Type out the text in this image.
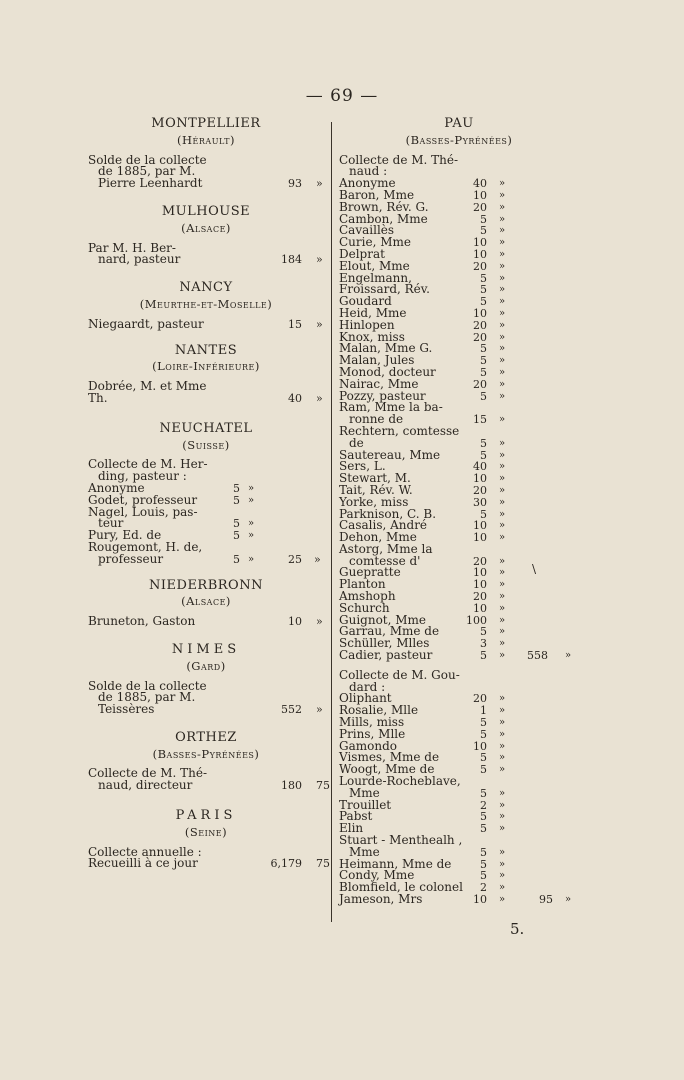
— 69 —
MONTPELLIER
(Hérault)
Solde de la collecte
de 1885, par M.
Pierre Leenhardt	93 »
MULHOUSE
(Alsace)
Par M. H. Ber-
nard, pasteur	184 »
NANCY
(Meurthe-et-Moselle)
Niegaardt, pasteur	15 »
NANTES
(Loire-Inférieure)
Dobrée, M. et Mme
Th.	40 »
NEUCHATEL
(Suisse)
Collecte de M. Her-
ding, pasteur :
Anonyme	5 »
Godet, professeur	5 »
Nagel, Louis, pas-
teur	5 »
Pury, Ed. de	5 »
Rougemont, H. de,
professeur	5 »	25 »
NIEDERBRONN
(Alsace)
Bruneton, Gaston	10 »
NIMES
(Gard)
Solde de la collecte
de 1885, par M.
Teissères	552 »
ORTHEZ
(Basses-Pyrénées)
Collecte de M. Thé-
naud, directeur	180 75
PARIS
(Seine)
Collecte annuelle :
Recueilli à ce jour	6,179 75
PAU
(Basses-Pyrénées)
Collecte de M. Thé-
naud :
Anonyme	40 »
Baron, Mme	10 »
Brown, Rév. G.	20 »
Cambon, Mme	5 »
Cavaillès	5 »
Curie, Mme	10 »
Delprat	10 »
Elout, Mme	20 »
Engelmann,	5 »
Froissard, Rév.	5 »
Goudard	5 »
Heid, Mme	10 »
Hinlopen	20 »
Knox, miss	20 »
Malan, Mme G.	5 »
Malan, Jules	5 »
Monod, docteur	5 »
Nairac, Mme	20 »
Pozzy, pasteur	5 »
Ram, Mme la ba-
ronne de	15 »
Rechtern, comtesse
de	5 »
Sautereau, Mme	5 »
Sers, L.	40 »
Stewart, M.	10 »
Tait, Rév. W.	20 »
Yorke, miss	30 »
Parknison, C. B.	5 »
Casalis, André	10 »
Dehon, Mme	10 »
Astorg, Mme la
comtesse d'	20 »
Guepratte	10 »
Planton	10 »
Amshoph	20 »
Schurch	10 »
Guignot, Mme	100 »
Garrau, Mme de	5 »
Schüller, Mlles	3 »
Cadier, pasteur	5 » 558 »
Collecte de M. Gou-
dard :
Oliphant	20 »
Rosalie, Mlle	1 »
Mills, miss	5 »
Prins, Mlle	5 »
Gamondo	10 »
Vismes, Mme de	5 »
Woogt, Mme de	5 »
Lourde-Rocheblave,
Mme	5 »
Trouillet	2 »
Pabst	5 »
Elin	5 »
Stuart - Menthealh ,
Mme	5 »
Heimann, Mme de	5 »
Condy, Mme	5 »
Blomfield, le colonel 2 »
Jameson, Mrs	10 »	95 »
\
5.
